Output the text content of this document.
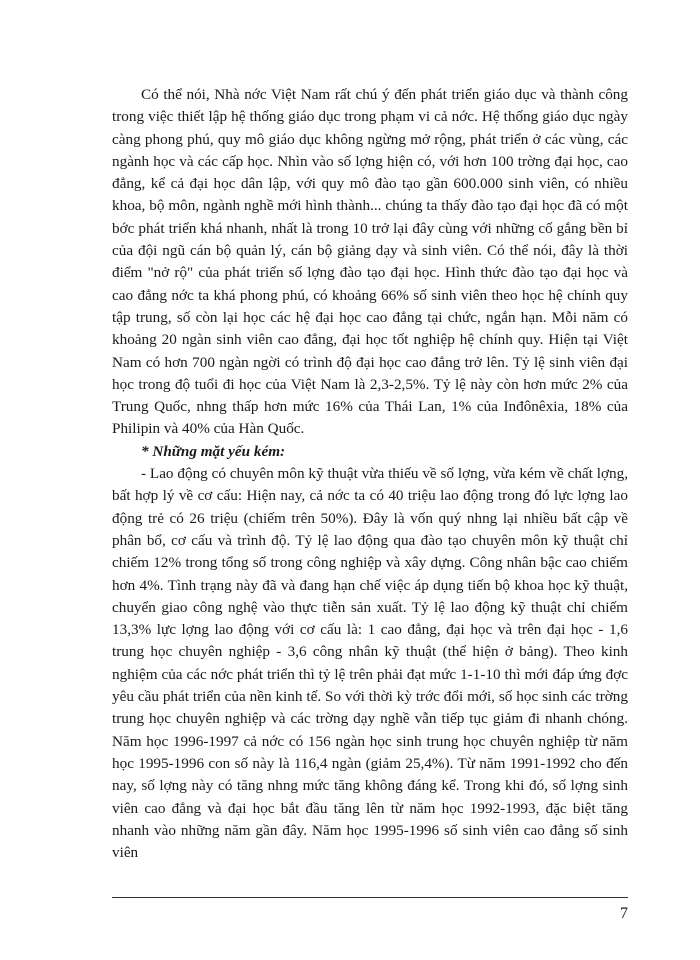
Có thể nói, Nhà nớc Việt Nam rất chú ý đến phát triển giáo dục và thành công trong việc thiết lập hệ thống giáo dục trong phạm vi cả nớc. Hệ thống giáo dục ngày càng phong phú, quy mô giáo dục không ngừng mở rộng, phát triển ở các vùng, các ngành học và các cấp học. Nhìn vào số lợng hiện có, với hơn 100 trờng đại học, cao đẳng, kể cả đại học dân lập, với quy mô đào tạo gần 600.000 sinh viên, có nhiều khoa, bộ môn, ngành nghề mới hình thành... chúng ta thấy đào tạo đại học đã có một bớc phát triển khá nhanh, nhất là trong 10 trở lại đây cùng với những cố gắng bền bỉ của đội ngũ cán bộ quản lý, cán bộ giảng dạy và sinh viên. Có thể nói, đây là thời điểm "nở rộ" của phát triển số lợng đào tạo đại học. Hình thức đào tạo đại học và cao đẳng nớc ta khá phong phú, có khoảng 66% số sinh viên theo học hệ chính quy tập trung, số còn lại học các hệ đại học cao đẳng tại chức, ngắn hạn. Mỗi năm có khoảng 20 ngàn sinh viên cao đẳng, đại học tốt nghiệp hệ chính quy. Hiện tại Việt Nam có hơn 700 ngàn ngời có trình độ đại học cao đẳng trở lên. Tỷ lệ sinh viên đại học trong độ tuổi đi học của Việt Nam là 2,3-2,5%. Tỷ lệ này còn hơn mức 2% của Trung Quốc, nhng thấp hơn mức 16% của Thái Lan, 1% của Inđônêxia, 18% của Philipin và 40% của Hàn Quốc.

* Những mặt yếu kém:

- Lao động có chuyên môn kỹ thuật vừa thiếu về số lợng, vừa kém về chất lợng, bất hợp lý về cơ cấu: Hiện nay, cả nớc ta có 40 triệu lao động trong đó lực lợng lao động trẻ có 26 triệu (chiếm trên 50%). Đây là vốn quý nhng lại nhiều bất cập về phân bổ, cơ cấu và trình độ. Tỷ lệ lao động qua đào tạo chuyên môn kỹ thuật chỉ chiếm 12% trong tổng số trong công nghiệp và xây dựng. Công nhân bậc cao chiếm hơn 4%. Tình trạng này đã và đang hạn chế việc áp dụng tiến bộ khoa học kỹ thuật, chuyển giao công nghệ vào thực tiễn sản xuất. Tỷ lệ lao động kỹ thuật chỉ chiếm 13,3% lực lợng lao động với cơ cấu là: 1 cao đẳng, đại học và trên đại học - 1,6 trung học chuyên nghiệp - 3,6 công nhân kỹ thuật (thể hiện ở bảng). Theo kinh nghiệm của các nớc phát triển thì tỷ lệ trên phải đạt mức 1-1-10 thì mới đáp ứng đợc yêu cầu phát triển của nền kinh tế. So với thời kỳ trớc đổi mới, số học sinh các trờng trung học chuyên nghiệp và các trờng dạy nghề vẫn tiếp tục giảm đi nhanh chóng. Năm học 1996-1997 cả nớc có 156 ngàn học sinh trung học chuyên nghiệp từ năm học 1995-1996 con số này là 116,4 ngàn (giảm 25,4%). Từ năm 1991-1992 cho đến nay, số lợng này có tăng nhng mức tăng không đáng kể. Trong khi đó, số lợng sinh viên cao đẳng và đại học bắt đầu tăng lên từ năm học 1992-1993, đặc biệt tăng nhanh vào những năm gần đây. Năm học 1995-1996 số sinh viên cao đẳng số sinh viên

7
